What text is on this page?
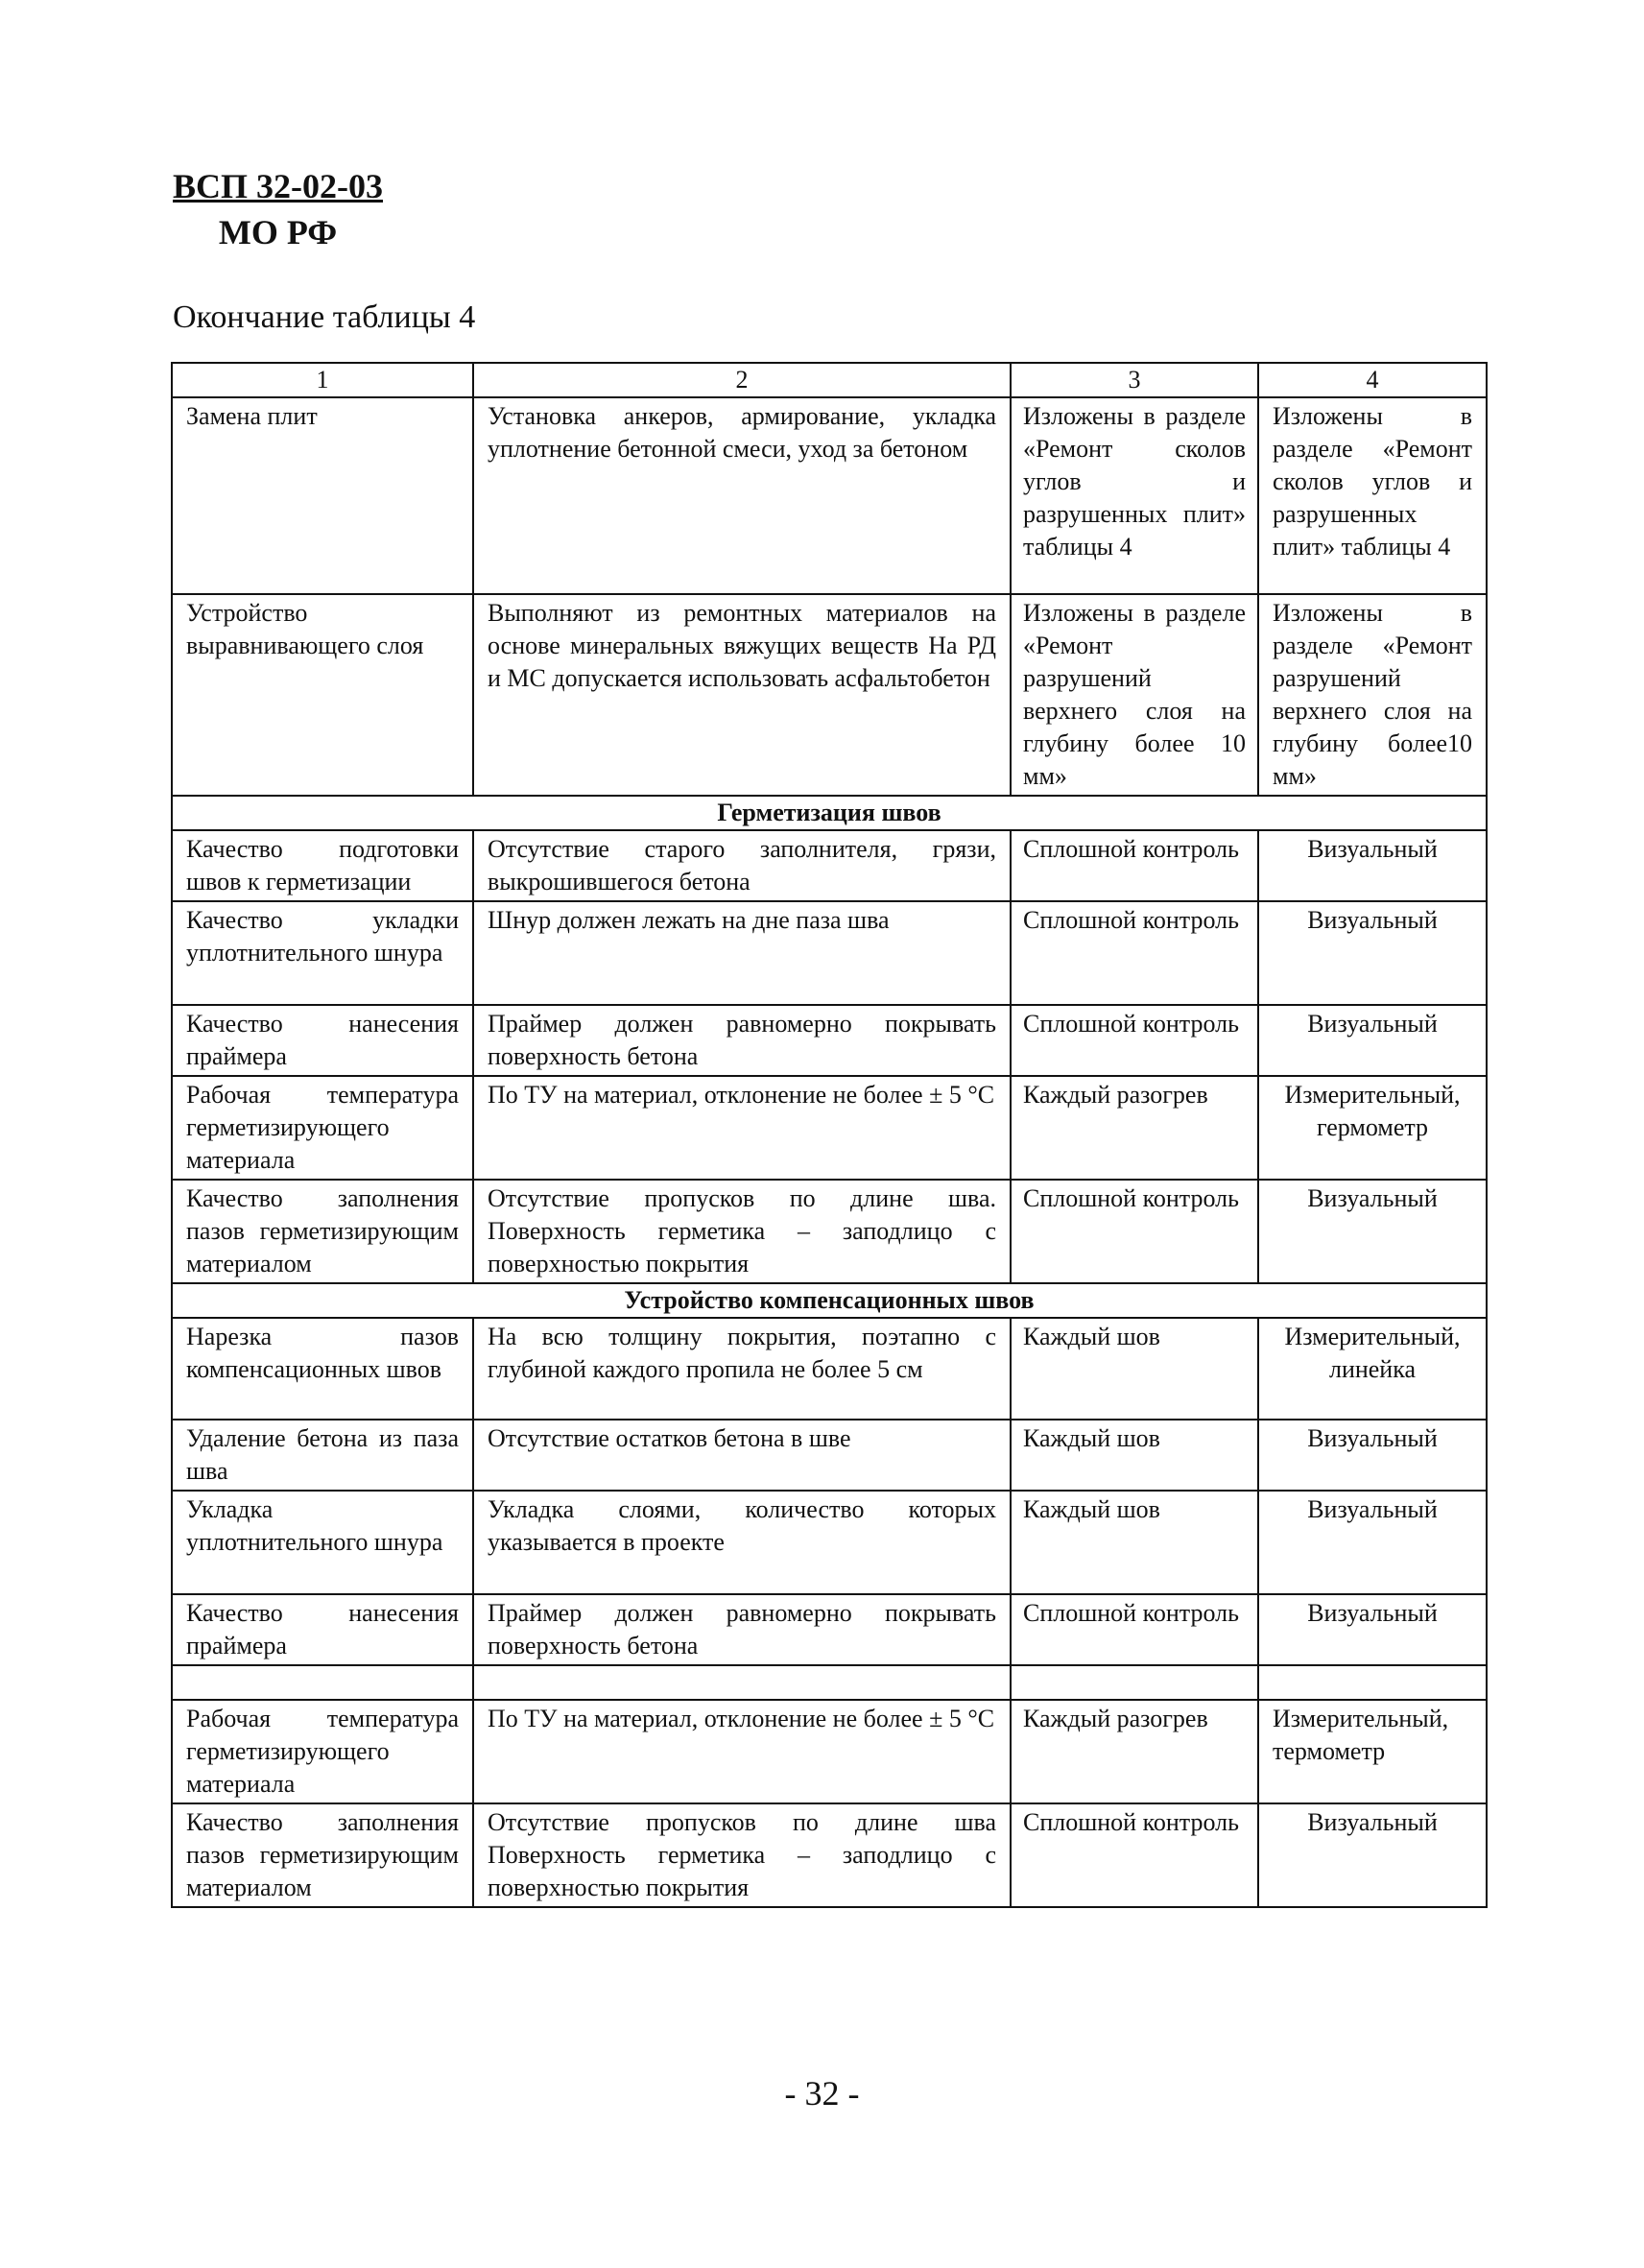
ВСП 32-02-03
МО РФ
Окончание таблицы 4
1	2	3	4
Замена плит	Установка анкеров, армирование, укладка уплотнение бетонной смеси, уход за бетоном	Изложены в разделе «Ремонт сколов углов и разрушенных плит» таблицы 4	Изложены в разделе «Ремонт сколов углов и разрушенных плит» таблицы 4
Устройство выравнивающего слоя	Выполняют из ремонтных материалов на основе минеральных вяжущих веществ На РД и МС допускается использовать асфальтобетон	Изложены в разделе «Ремонт разрушений верхнего слоя на глубину более 10 мм»	Изложены в разделе «Ремонт разрушений верхнего слоя на глубину более10 мм»
Герметизация швов			
Качество подготовки швов к герметизации	Отсутствие старого заполнителя, грязи, выкрошившегося бетона	Сплошной контроль	Визуальный
Качество укладки уплотнительного шнура	Шнур должен лежать на дне паза шва	Сплошной контроль	Визуальный
Качество нанесения праймера	Праймер должен равномерно покрывать поверхность бетона	Сплошной контроль	Визуальный
Рабочая температура герметизирующего материала	По ТУ на материал, отклонение не более ± 5 °С	Каждый разогрев	Измерительный, гермометр
Качество заполнения пазов герметизирующим материалом	Отсутствие пропусков по длине шва. Поверхность герметика – заподлицо с поверхностью покрытия	Сплошной контроль	Визуальный
Устройство компенсационных швов			
Нарезка пазов компенсационных швов	На всю толщину покрытия, поэтапно с глубиной каждого пропила не более 5 см	Каждый шов	Измерительный, линейка
Удаление бетона из паза шва	Отсутствие остатков бетона в шве	Каждый шов	Визуальный
Укладка уплотнительного шнура	Укладка слоями, количество которых указывается в проекте	Каждый шов	Визуальный
Качество нанесения праймера	Праймер должен равномерно покрывать поверхность бетона	Сплошной контроль	Визуальный

Рабочая температура герметизирующего материала	По ТУ на материал, отклонение не более ± 5 °С	Каждый разогрев	Измерительный, термометр
Качество заполнения пазов герметизирующим материалом	Отсутствие пропусков по длине шва Поверхность герметика – заподлицо с поверхностью покрытия	Сплошной контроль	Визуальный
- 32 -
